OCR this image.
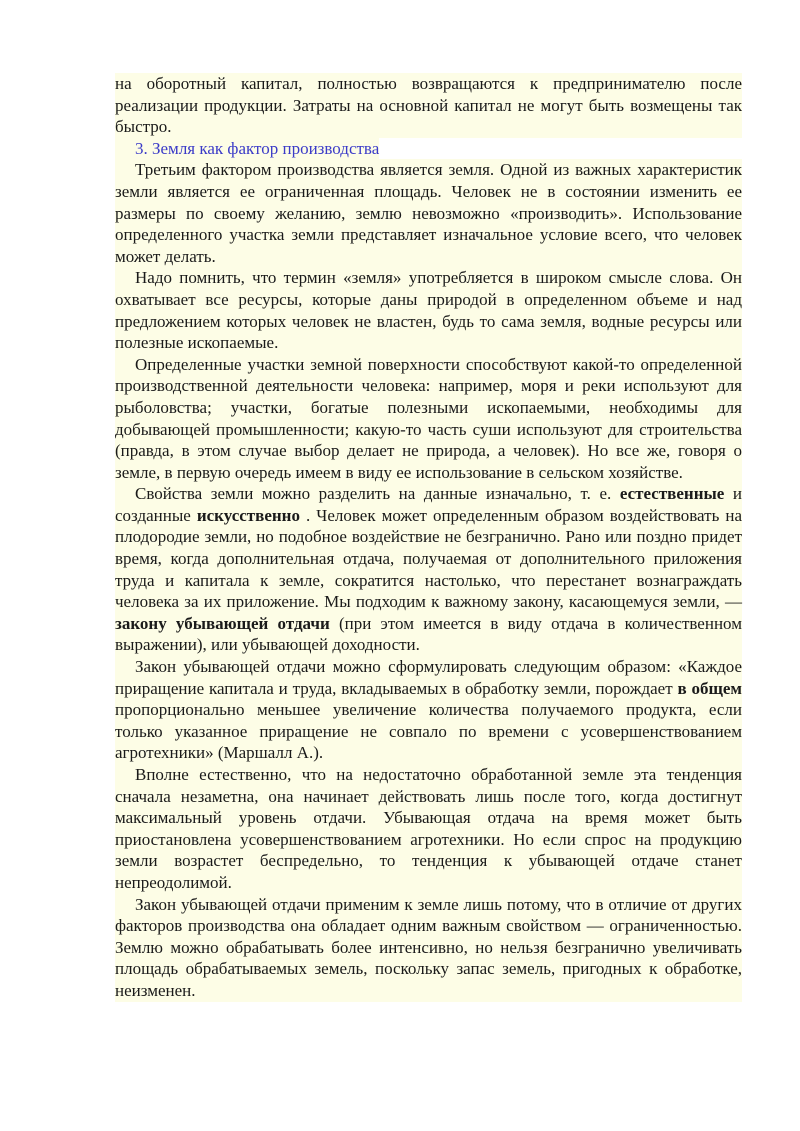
на оборотный капитал, полностью возвращаются к предпринимателю после реализации продукции. Затраты на основной капитал не могут быть возмещены так быстро.

3. Земля как фактор производства

Третьим фактором производства является земля. Одной из важных характеристик земли является ее ограниченная площадь. Человек не в состоянии изменить ее размеры по своему желанию, землю невозможно «производить». Использование определенного участка земли представляет изначальное условие всего, что человек может делать.

Надо помнить, что термин «земля» употребляется в широком смысле слова. Он охватывает все ресурсы, которые даны природой в определенном объеме и над предложением которых человек не властен, будь то сама земля, водные ресурсы или полезные ископаемые.

Определенные участки земной поверхности способствуют какой-то определенной производственной деятельности человека: например, моря и реки используют для рыболовства; участки, богатые полезными ископаемыми, необходимы для добывающей промышленности; какую-то часть суши используют для строительства (правда, в этом случае выбор делает не природа, а человек). Но все же, говоря о земле, в первую очередь имеем в виду ее использование в сельском хозяйстве.

Свойства земли можно разделить на данные изначально, т. е. естественные и созданные искусственно . Человек может определенным образом воздействовать на плодородие земли, но подобное воздействие не безгранично. Рано или поздно придет время, когда дополнительная отдача, получаемая от дополнительного приложения труда и капитала к земле, сократится настолько, что перестанет вознаграждать человека за их приложение. Мы подходим к важному закону, касающемуся земли, — закону убывающей отдачи (при этом имеется в виду отдача в количественном выражении), или убывающей доходности.

Закон убывающей отдачи можно сформулировать следующим образом: «Каждое приращение капитала и труда, вкладываемых в обработку земли, порождает в общем пропорционально меньшее увеличение количества получаемого продукта, если только указанное приращение не совпало по времени с усовершенствованием агротехники» (Маршалл А.).

Вполне естественно, что на недостаточно обработанной земле эта тенденция сначала незаметна, она начинает действовать лишь после того, когда достигнут максимальный уровень отдачи. Убывающая отдача на время может быть приостановлена усовершенствованием агротехники. Но если спрос на продукцию земли возрастет беспредельно, то тенденция к убывающей отдаче станет непреодолимой.

Закон убывающей отдачи применим к земле лишь потому, что в отличие от других факторов производства она обладает одним важным свойством — ограниченностью. Землю можно обрабатывать более интенсивно, но нельзя безгранично увеличивать площадь обрабатываемых земель, поскольку запас земель, пригодных к обработке, неизменен.
